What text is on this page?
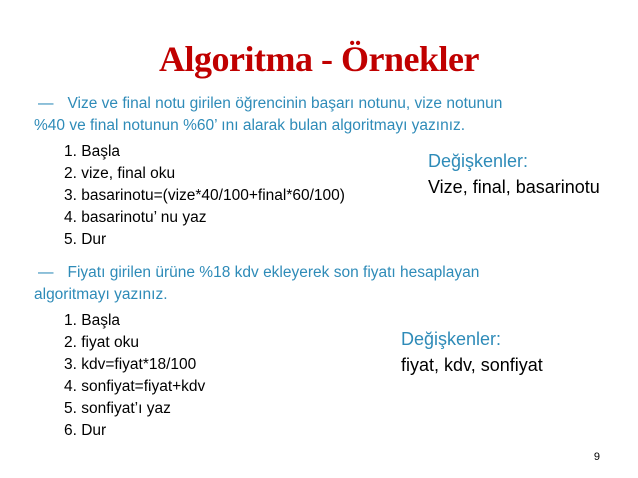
Algoritma - Örnekler
— Vize ve final notu girilen öğrencinin başarı notunu, vize notunun
%40 ve final notunun %60’ ını alarak bulan algoritmayı yazınız.
1. Başla
2. vize, final oku
3. basarinotu=(vize*40/100+final*60/100)
4. basarinotu’ nu yaz
5. Dur
Değişkenler:
Vize, final, basarinotu
— Fiyatı girilen ürüne %18 kdv ekleyerek son fiyatı hesaplayan
algoritmayı yazınız.
1. Başla
2. fiyat oku
3. kdv=fiyat*18/100
4. sonfiyat=fiyat+kdv
5. sonfiyat’ı yaz
6. Dur
Değişkenler:
fiyat, kdv, sonfiyat
9
